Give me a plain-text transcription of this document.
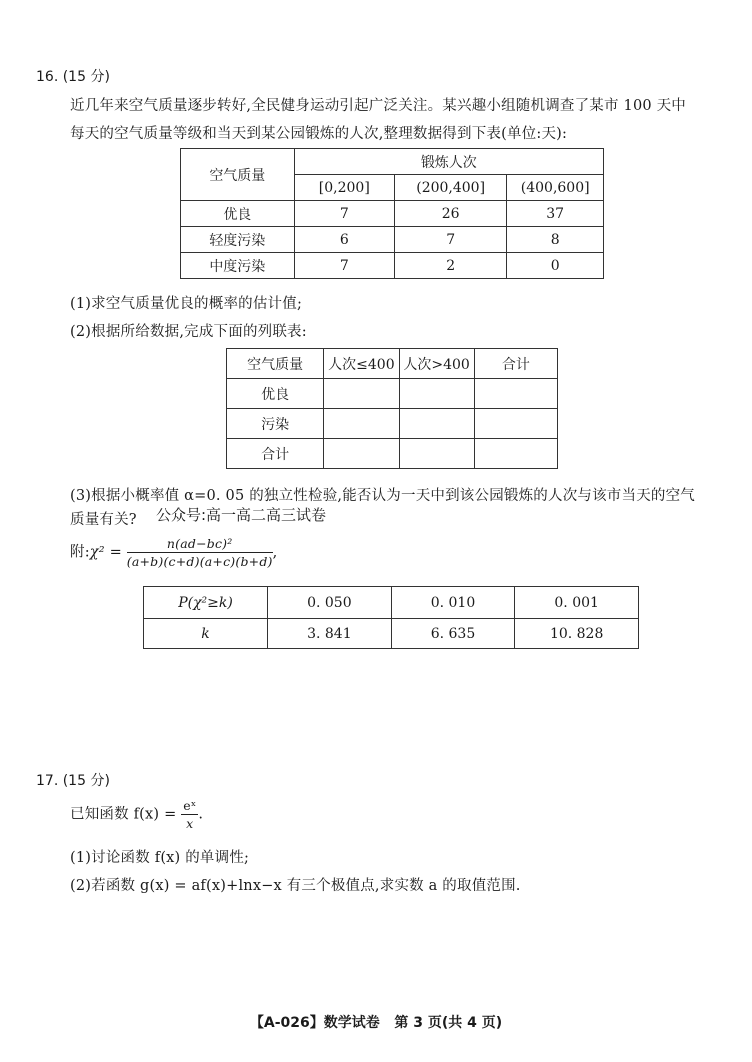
16. (15 分)
近几年来空气质量逐步转好,全民健身运动引起广泛关注。某兴趣小组随机调查了某市 100 天中
每天的空气质量等级和当天到某公园锻炼的人次,整理数据得到下表(单位:天):
空气质量	锻炼人次		
	[0,200]	(200,400]	(400,600]
优良	7	26	37
轻度污染	6	7	8
中度污染	7	2	0
(1)求空气质量优良的概率的估计值;
(2)根据所给数据,完成下面的列联表:
空气质量	人次≤400	人次>400	合计
优良			
污染			
合计			
(3)根据小概率值 α=0. 05 的独立性检验,能否认为一天中到该公园锻炼的人次与该市当天的空气
质量有关? 公众号:高一高二高三试卷
附:χ² = $\frac{\text{n(ad−bc)²}}{(a+b)(c+d)(a+c)(b+d)}$ ,
P(χ²≥k)	0. 050	0. 010	0. 001
k	3. 841	6. 635	10. 828
17. (15 分)
已知函数 $f(x) = \frac{\text{eˣ}}{x}$ .
(1)讨论函数 f(x) 的单调性;
(2)若函数 g(x) = af(x)+lnx−x 有三个极值点,求实数 a 的取值范围.
【A-026】数学试卷   第 3 页(共 4 页)
